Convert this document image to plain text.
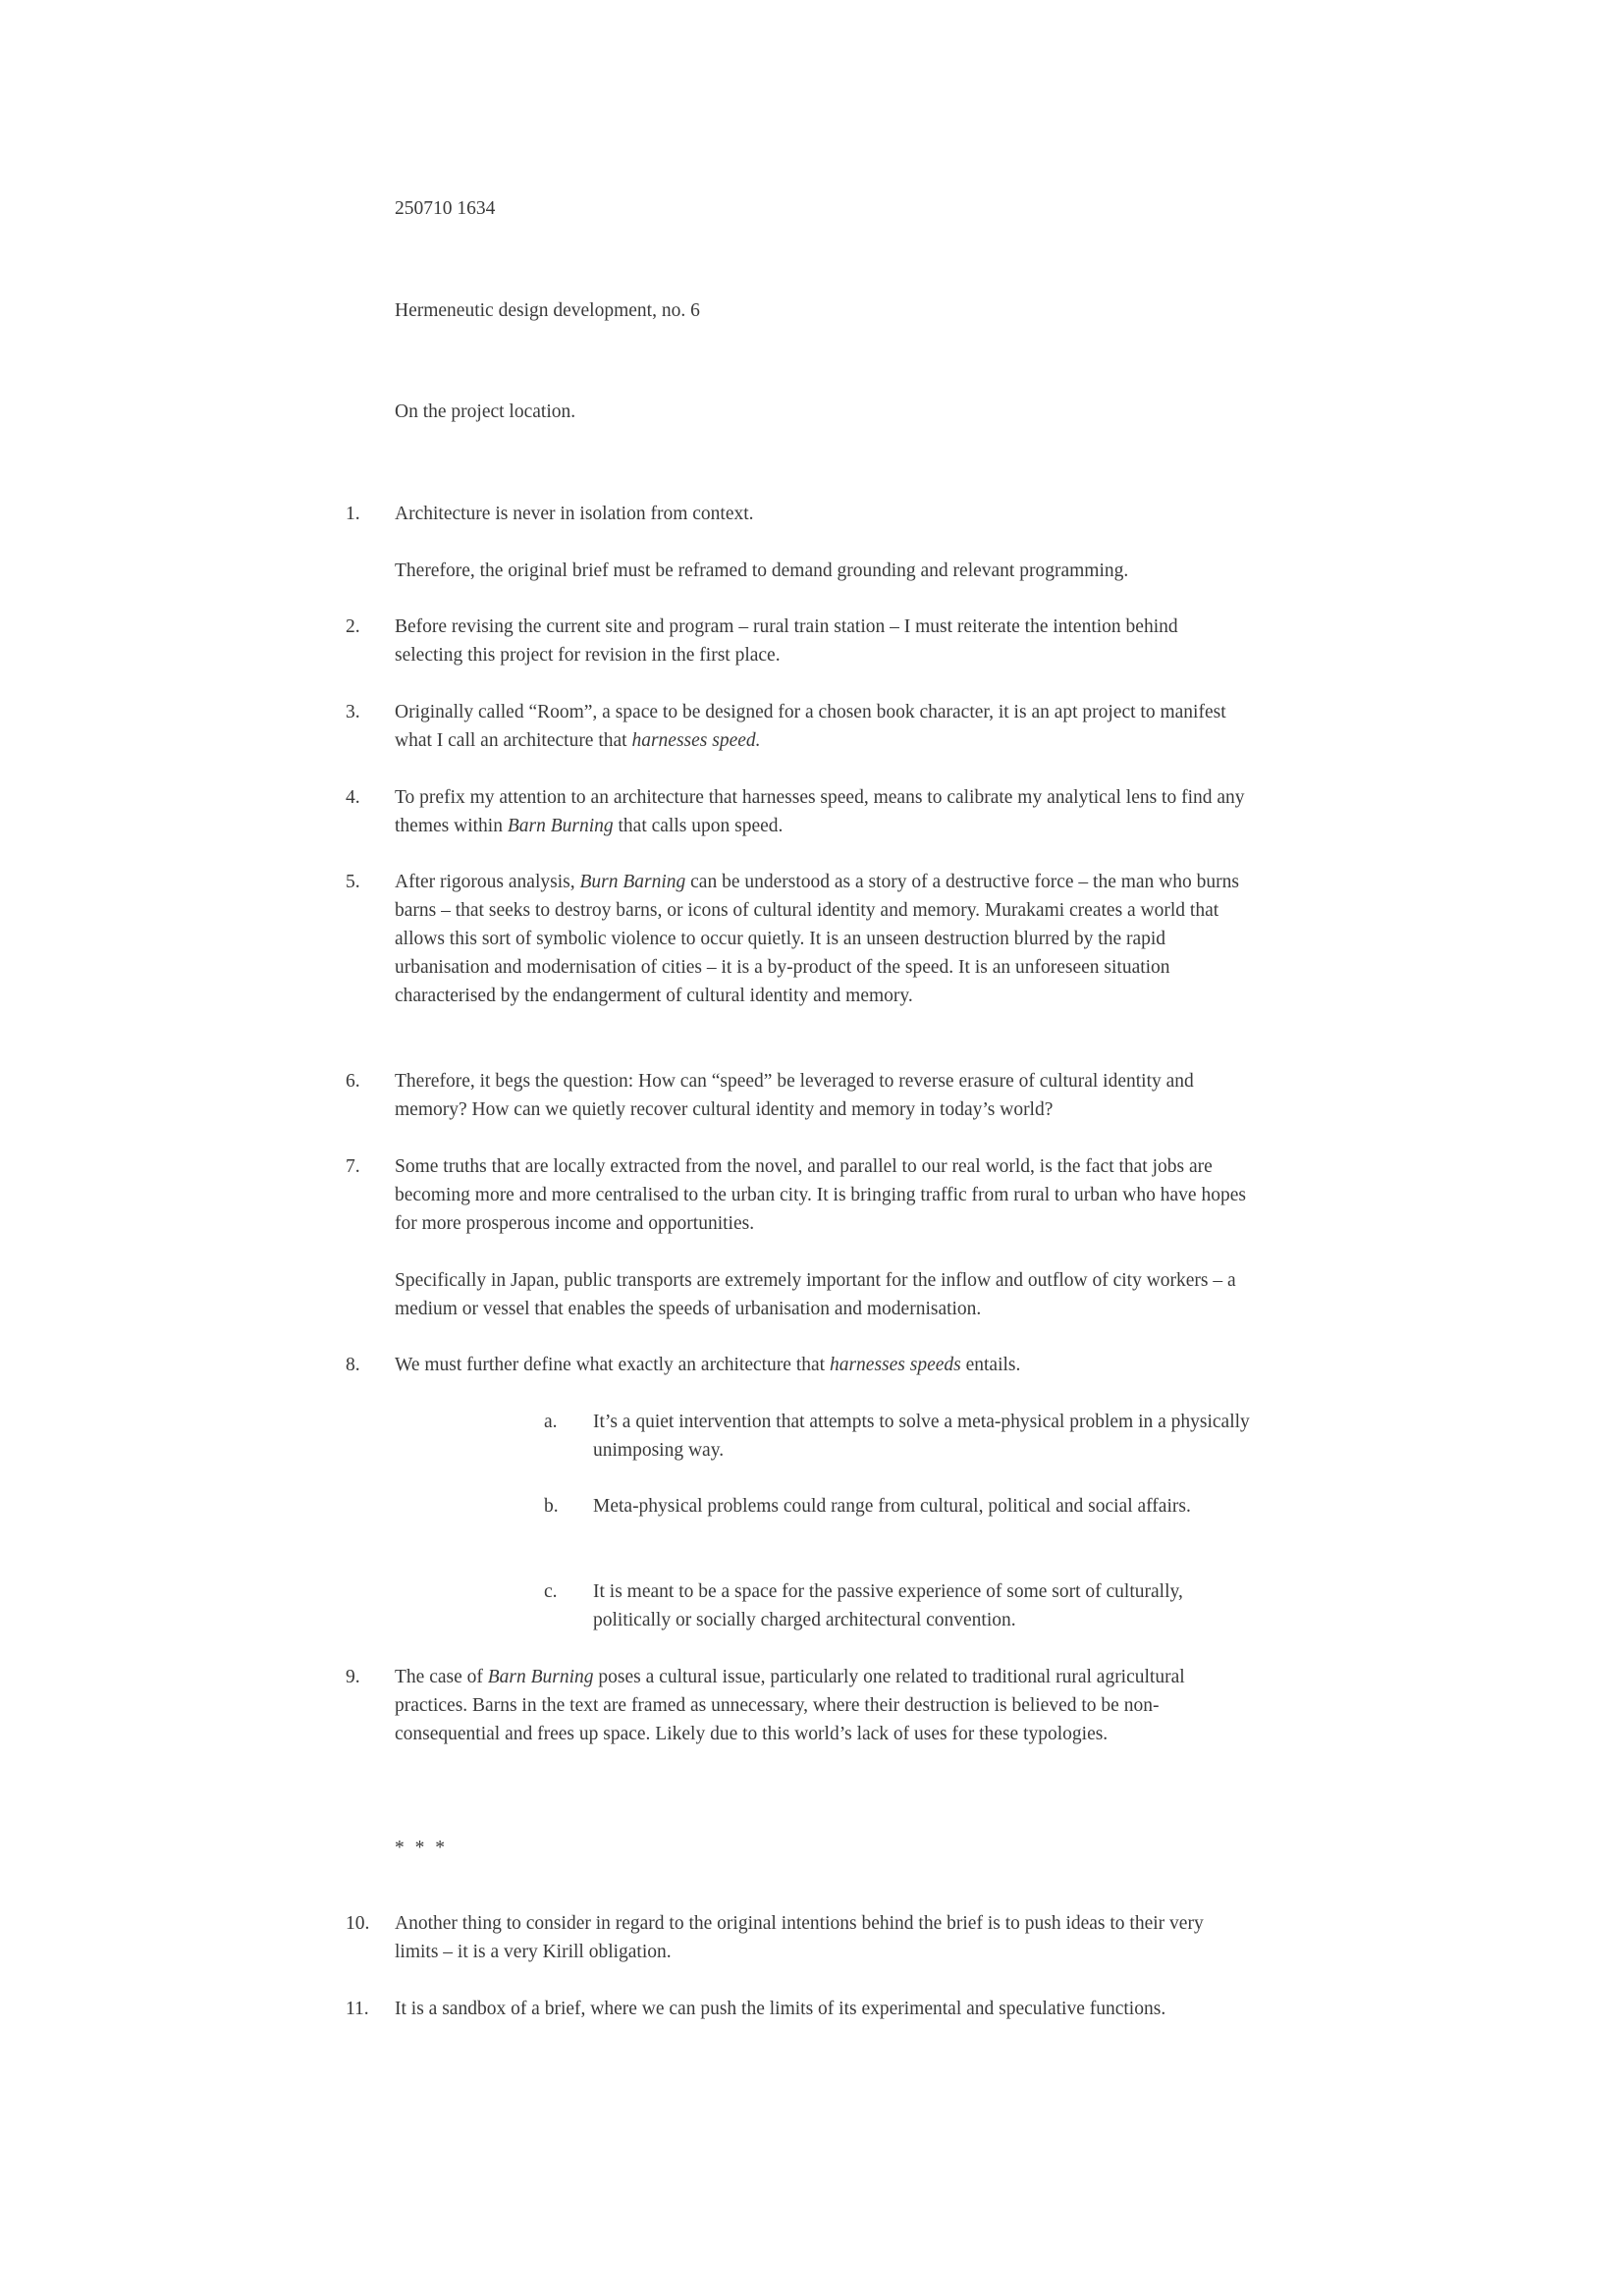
250710 1634

Hermeneutic design development, no. 6

On the project location.

1. Architecture is never in isolation from context.

Therefore, the original brief must be reframed to demand grounding and relevant programming.

2. Before revising the current site and program – rural train station – I must reiterate the intention behind selecting this project for revision in the first place.

3. Originally called “Room”, a space to be designed for a chosen book character, it is an apt project to manifest what I call an architecture that harnesses speed.

4. To prefix my attention to an architecture that harnesses speed, means to calibrate my analytical lens to find any themes within Barn Burning that calls upon speed.

5. After rigorous analysis, Burn Barning can be understood as a story of a destructive force – the man who burns barns – that seeks to destroy barns, or icons of cultural identity and memory. Murakami creates a world that allows this sort of symbolic violence to occur quietly. It is an unseen destruction blurred by the rapid urbanisation and modernisation of cities – it is a by-product of the speed. It is an unforeseen situation characterised by the endangerment of cultural identity and memory.

6. Therefore, it begs the question: How can “speed” be leveraged to reverse erasure of cultural identity and memory? How can we quietly recover cultural identity and memory in today’s world?

7. Some truths that are locally extracted from the novel, and parallel to our real world, is the fact that jobs are becoming more and more centralised to the urban city. It is bringing traffic from rural to urban who have hopes for more prosperous income and opportunities.

Specifically in Japan, public transports are extremely important for the inflow and outflow of city workers – a medium or vessel that enables the speeds of urbanisation and modernisation.

8. We must further define what exactly an architecture that harnesses speeds entails.

a. It’s a quiet intervention that attempts to solve a meta-physical problem in a physically unimposing way.

b. Meta-physical problems could range from cultural, political and social affairs.

c. It is meant to be a space for the passive experience of some sort of culturally, politically or socially charged architectural convention.

9. The case of Barn Burning poses a cultural issue, particularly one related to traditional rural agricultural practices. Barns in the text are framed as unnecessary, where their destruction is believed to be non-consequential and frees up space. Likely due to this world’s lack of uses for these typologies.

* * *

10. Another thing to consider in regard to the original intentions behind the brief is to push ideas to their very limits – it is a very Kirill obligation.

11. It is a sandbox of a brief, where we can push the limits of its experimental and speculative functions.
